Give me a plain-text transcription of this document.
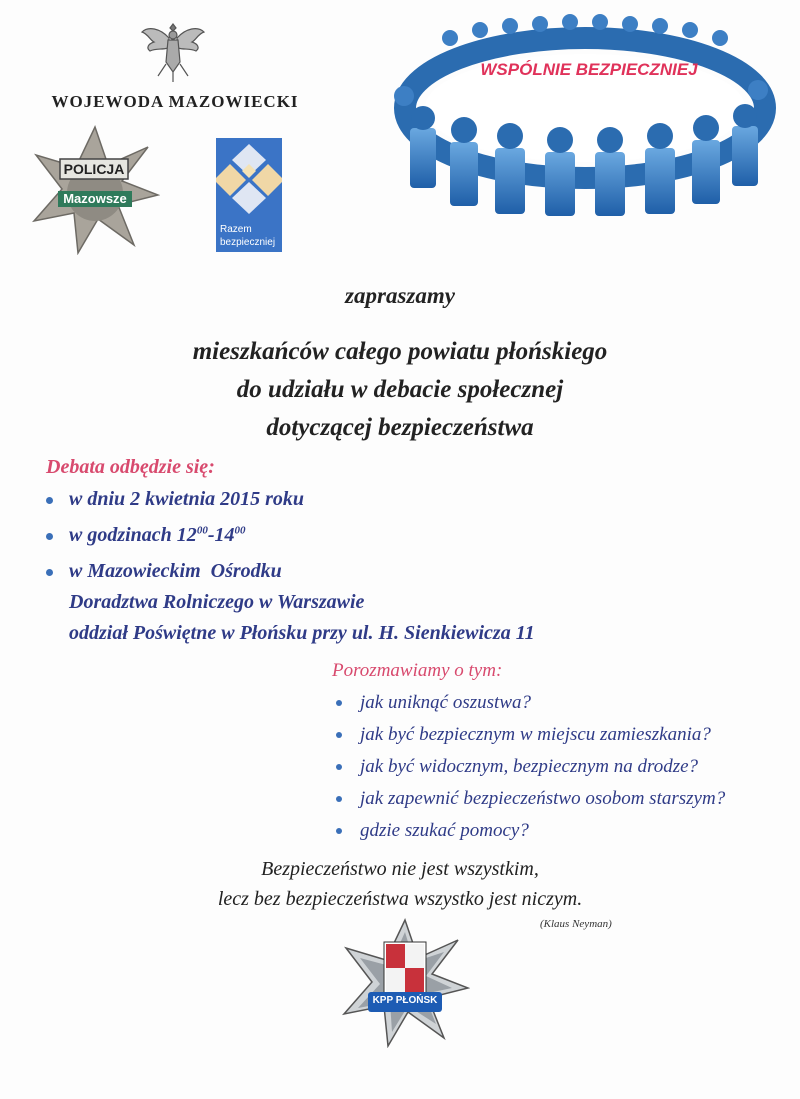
WOJEWODA MAZOWIECKI
POLICJA
Mazowsze
Razem
bezpieczniej
WSPÓLNIE BEZPIECZNIEJ
zapraszamy
mieszkańców całego powiatu płońskiego
do udziału w debacie społecznej
dotyczącej bezpieczeństwa
Debata odbędzie się:
w dniu 2 kwietnia 2015 roku
w godzinach $12^{00}-14^{00}$
w Mazowieckim  Ośrodku
Doradztwa Rolniczego w Warszawie
oddział Poświętne w Płońsku przy ul. H. Sienkiewicza 11
Porozmawiamy o tym:
jak uniknąć oszustwa?
jak być bezpiecznym w miejscu zamieszkania?
jak być widocznym, bezpiecznym na drodze?
jak zapewnić bezpieczeństwo osobom starszym?
gdzie szukać pomocy?
Bezpieczeństwo nie jest wszystkim,
lecz bez bezpieczeństwa wszystko jest niczym.
(Klaus Neyman)
KPP PŁOŃSK
